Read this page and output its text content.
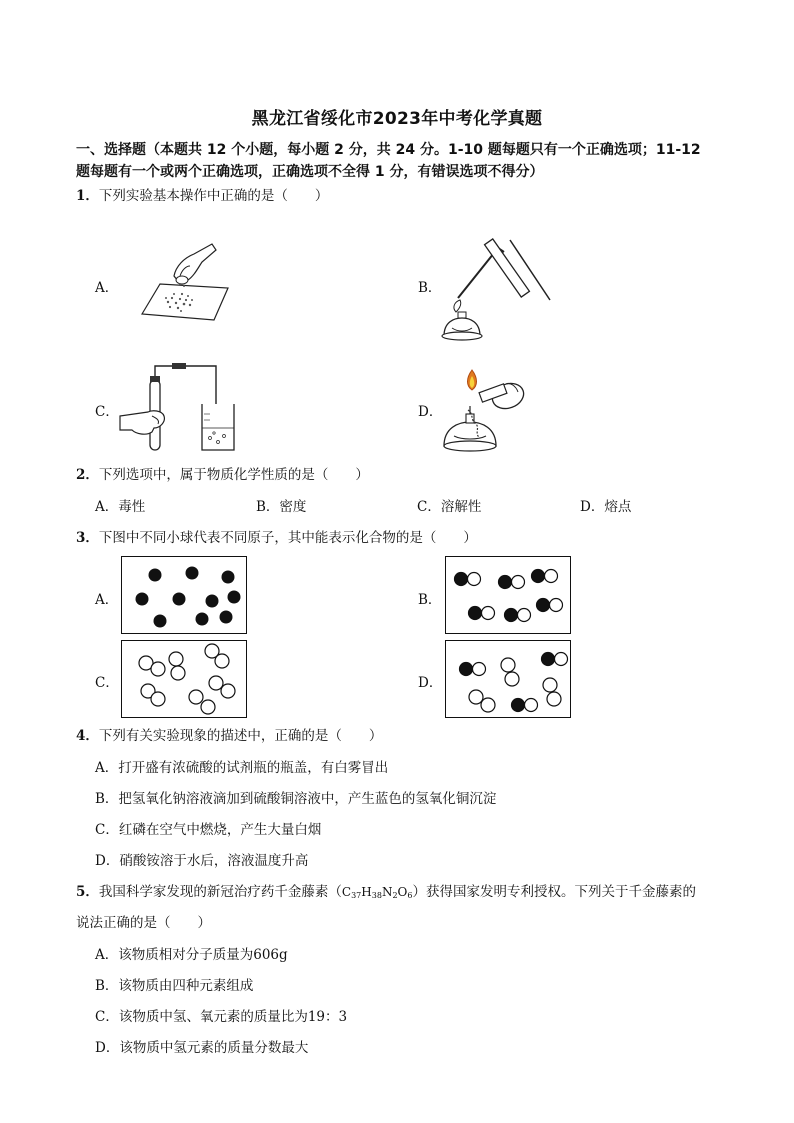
黑龙江省绥化市2023年中考化学真题
一、选择题（本题共 12 个小题，每小题 2 分，共 24 分。1-10 题每题只有一个正确选项；11-12
题每题有一个或两个正确选项，正确选项不全得 1 分，有错误选项不得分）
1．下列实验基本操作中正确的是（　　）
A．	B．
C．	D．
2．下列选项中，属于物质化学性质的是（　　）
A．毒性	B．密度	C．溶解性	D．熔点
3．下图中不同小球代表不同原子，其中能表示化合物的是（　　）
A．	B．
C．	D．
4．下列有关实验现象的描述中，正确的是（　　）
A．打开盛有浓硫酸的试剂瓶的瓶盖，有白雾冒出
B．把氢氧化钠溶液滴加到硫酸铜溶液中，产生蓝色的氢氧化铜沉淀
C．红磷在空气中燃烧，产生大量白烟
D．硝酸铵溶于水后，溶液温度升高
5．我国科学家发现的新冠治疗药千金藤素$(C_{37}H_{38}N_2O_6)$获得国家发明专利授权。下列关于千金藤素的
说法正确的是（　　）
A．该物质相对分子质量为606g
B．该物质由四种元素组成
C．该物质中氢、氧元素的质量比为19：3
D．该物质中氢元素的质量分数最大
